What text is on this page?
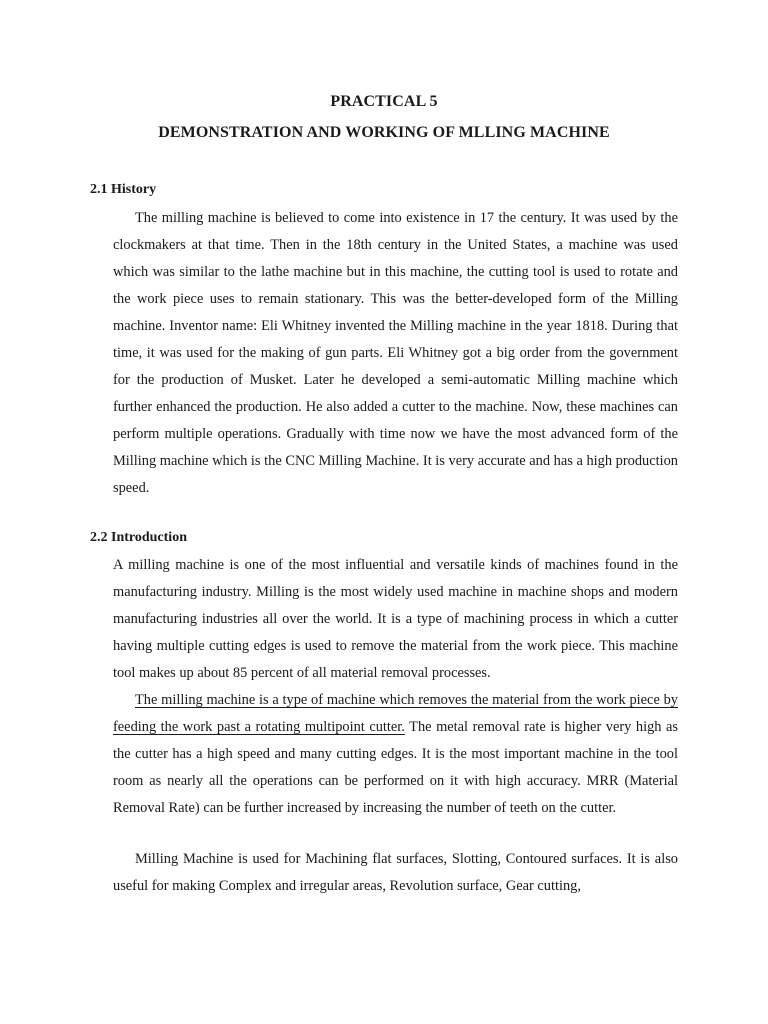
PRACTICAL 5
DEMONSTRATION AND WORKING OF MLLING MACHINE
2.1 History

The milling machine is believed to come into existence in 17 the century. It was used by the clockmakers at that time. Then in the 18th century in the United States, a machine was used which was similar to the lathe machine but in this machine, the cutting tool is used to rotate and the work piece uses to remain stationary. This was the better-developed form of the Milling machine. Inventor name: Eli Whitney invented the Milling machine in the year 1818. During that time, it was used for the making of gun parts. Eli Whitney got a big order from the government for the production of Musket. Later he developed a semi-automatic Milling machine which further enhanced the production. He also added a cutter to the machine. Now, these machines can perform multiple operations. Gradually with time now we have the most advanced form of the Milling machine which is the CNC Milling Machine. It is very accurate and has a high production speed.

2.2 Introduction

A milling machine is one of the most influential and versatile kinds of machines found in the manufacturing industry. Milling is the most widely used machine in machine shops and modern manufacturing industries all over the world. It is a type of machining process in which a cutter having multiple cutting edges is used to remove the material from the work piece. This machine tool makes up about 85 percent of all material removal processes.

The milling machine is a type of machine which removes the material from the work piece by feeding the work past a rotating multipoint cutter. The metal removal rate is higher very high as the cutter has a high speed and many cutting edges. It is the most important machine in the tool room as nearly all the operations can be performed on it with high accuracy. MRR (Material Removal Rate) can be further increased by increasing the number of teeth on the cutter.

Milling Machine is used for Machining flat surfaces, Slotting, Contoured surfaces. It is also useful for making Complex and irregular areas, Revolution surface, Gear cutting,
